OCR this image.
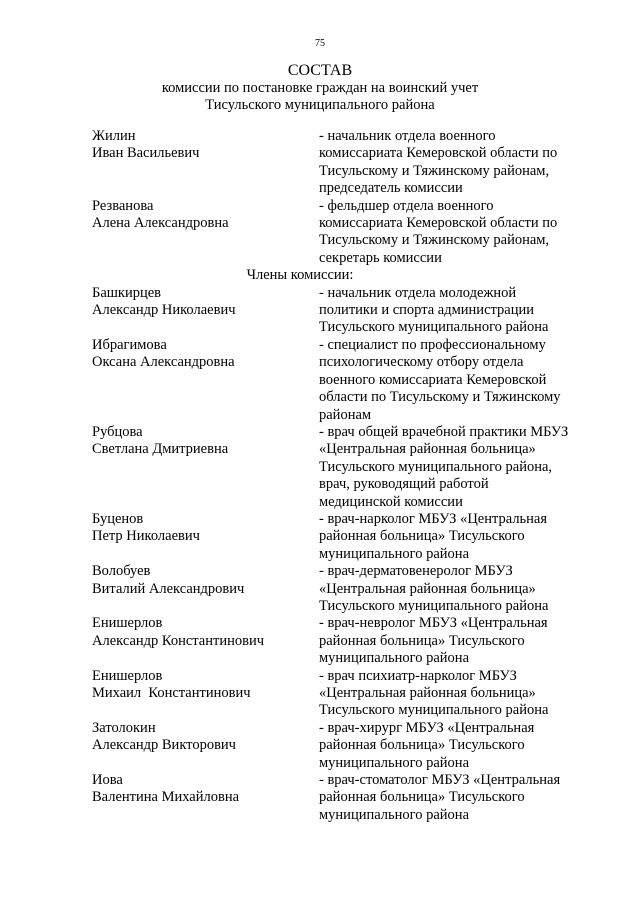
75
СОСТАВ
комиссии по постановке граждан на воинский учет
Тисульского муниципального района
Жилин
Иван Васильевич
- начальник отдела военного
комиссариата Кемеровской области по
Тисульскому и Тяжинскому районам,
председатель комиссии
Резванова
Алена Александровна
- фельдшер отдела военного
комиссариата Кемеровской области по
Тисульскому и Тяжинскому районам,
секретарь комиссии
Члены комиссии:
Башкирцев
Александр Николаевич
- начальник отдела молодежной
политики и спорта администрации
Тисульского муниципального района
Ибрагимова
Оксана Александровна
- специалист по профессиональному
психологическому отбору отдела
военного комиссариата Кемеровской
области по Тисульскому и Тяжинскому
районам
Рубцова
Светлана Дмитриевна
- врач общей врачебной практики МБУЗ
«Центральная районная больница»
Тисульского муниципального района,
врач, руководящий работой
медицинской комиссии
Буценов
Петр Николаевич
- врач-нарколог МБУЗ «Центральная
районная больница» Тисульского
муниципального района
Волобуев
Виталий Александрович
- врач-дерматовенеролог МБУЗ
«Центральная районная больница»
Тисульского муниципального района
Енишерлов
Александр Константинович
- врач-невролог МБУЗ «Центральная
районная больница» Тисульского
муниципального района
Енишерлов
Михаил  Константинович
- врач психиатр-нарколог МБУЗ
«Центральная районная больница»
Тисульского муниципального района
Затолокин
Александр Викторович
- врач-хирург МБУЗ «Центральная
районная больница» Тисульского
муниципального района
Иова
Валентина Михайловна
- врач-стоматолог МБУЗ «Центральная
районная больница» Тисульского
муниципального района
